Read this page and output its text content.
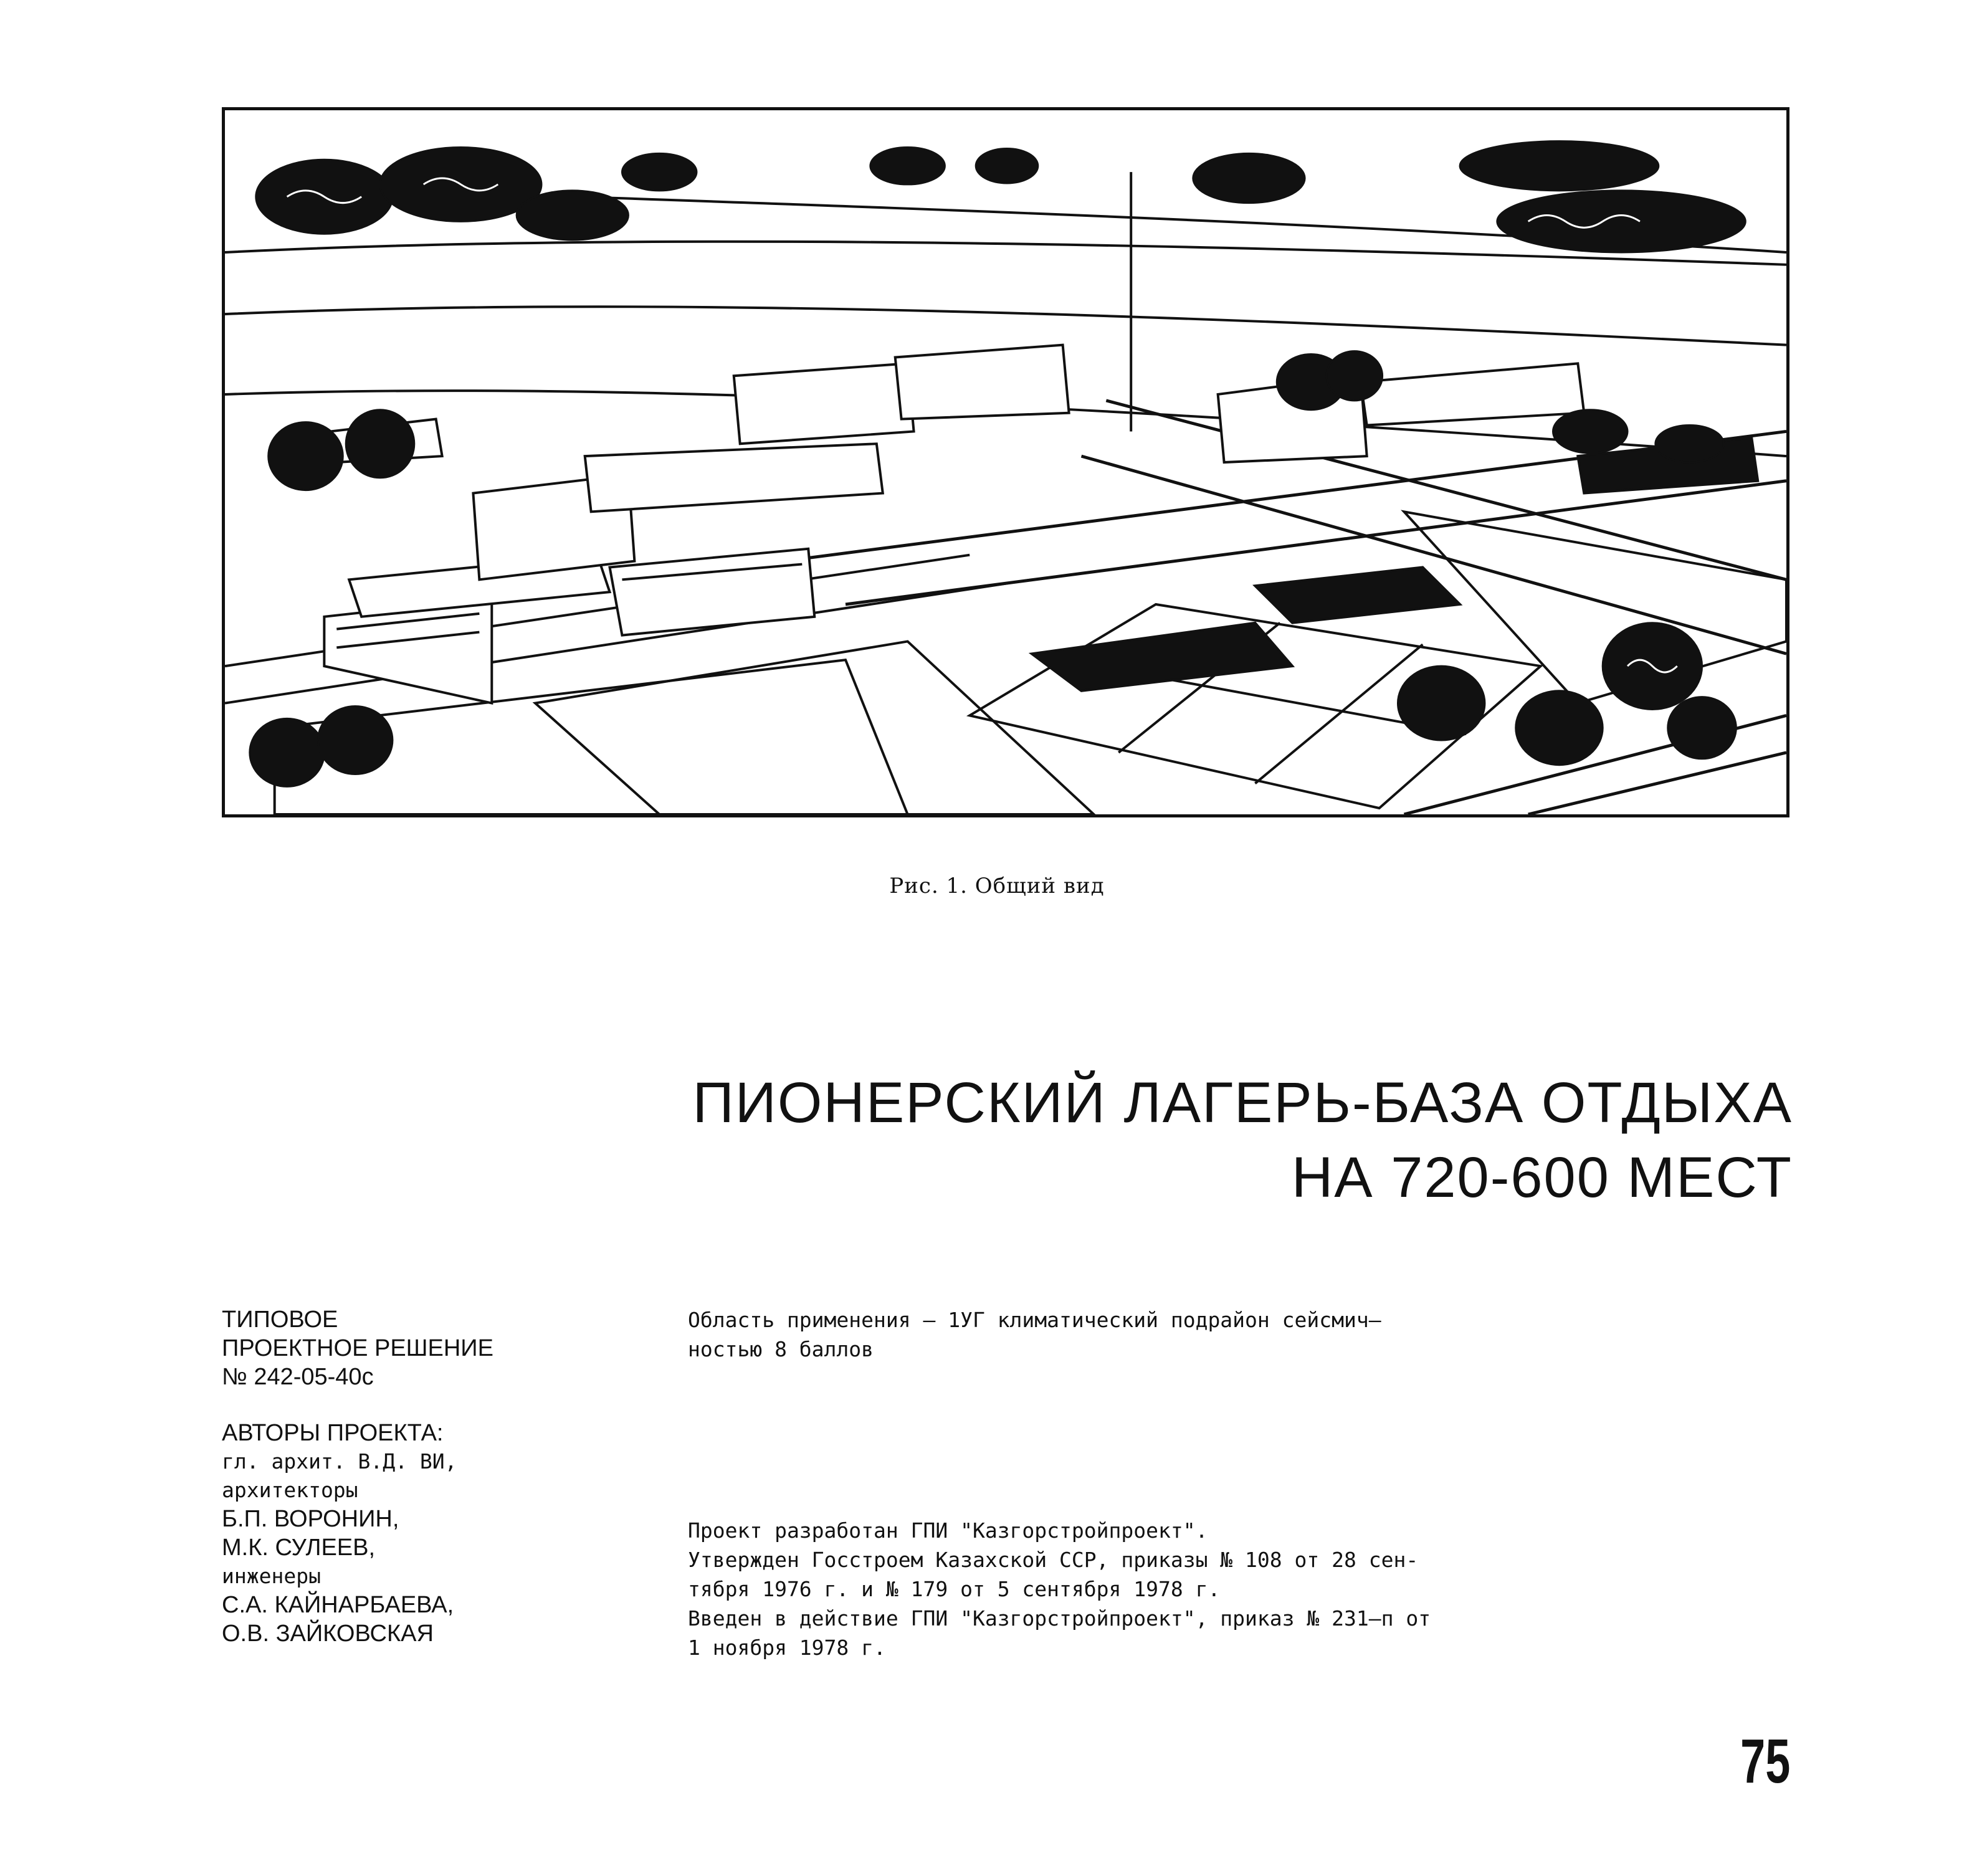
Рис. 1. Общий вид
ПИОНЕРСКИЙ ЛАГЕРЬ-БАЗА ОТДЫХА
НА 720-600 МЕСТ
ТИПОВОЕ
ПРОЕКТНОЕ РЕШЕНИЕ
№ 242-05-40с
АВТОРЫ ПРОЕКТА:
гл. архит. В.Д. ВИ,
архитекторы
Б.П. ВОРОНИН,
М.К. СУЛЕЕВ,
инженеры
С.А. КАЙНАРБАЕВА,
О.В. ЗАЙКОВСКАЯ
Область применения – 1УГ климатический подрайон сейсмич–
ностью 8 баллов
Проект разработан ГПИ "Казгорстройпроект".
Утвержден Госстроем Казахской ССР, приказы № 108 от 28 сен-
тября 1976 г. и № 179 от 5 сентября 1978 г.
Введен в действие ГПИ "Казгорстройпроект", приказ № 231–п от
1 ноября 1978 г.
75
